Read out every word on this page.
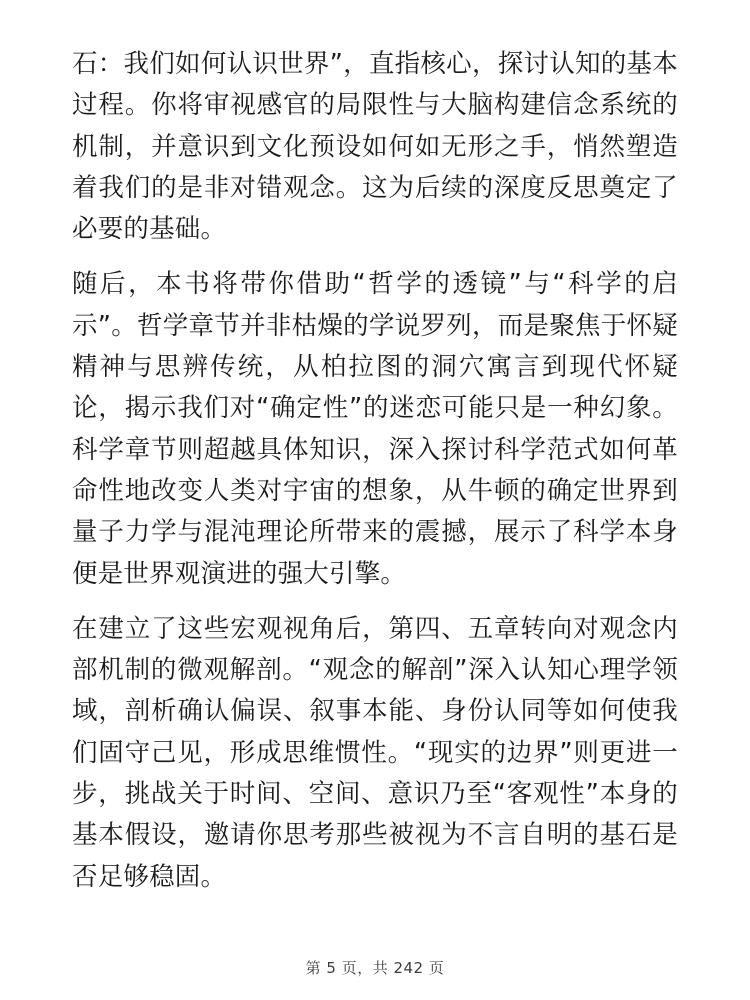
石：我们如何认识世界”，直指核心，探讨认知的基本过程。你将审视感官的局限性与大脑构建信念系统的机制，并意识到文化预设如何如无形之手，悄然塑造着我们的是非对错观念。这为后续的深度反思奠定了必要的基础。

随后，本书将带你借助“哲学的透镜”与“科学的启示”。哲学章节并非枯燥的学说罗列，而是聚焦于怀疑精神与思辨传统，从柏拉图的洞穴寓言到现代怀疑论，揭示我们对“确定性”的迷恋可能只是一种幻象。科学章节则超越具体知识，深入探讨科学范式如何革命性地改变人类对宇宙的想象，从牛顿的确定世界到量子力学与混沌理论所带来的震撼，展示了科学本身便是世界观演进的强大引擎。

在建立了这些宏观视角后，第四、五章转向对观念内部机制的微观解剖。“观念的解剖”深入认知心理学领域，剖析确认偏误、叙事本能、身份认同等如何使我们固守己见，形成思维惯性。“现实的边界”则更进一步，挑战关于时间、空间、意识乃至“客观性”本身的基本假设，邀请你思考那些被视为不言自明的基石是否足够稳固。

第 5 页，共 242 页
